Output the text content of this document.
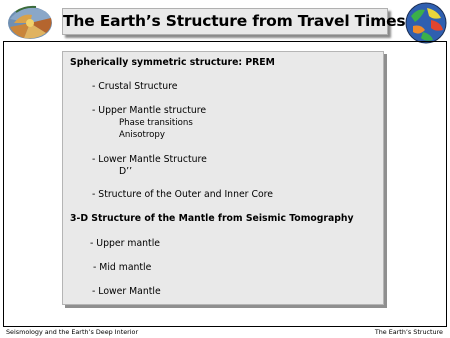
The Earth’s Structure from Travel Times
Spherically symmetric structure: PREM
- Crustal Structure
- Upper Mantle structure
Phase transitions
Anisotropy
- Lower Mantle Structure
D’’
- Structure of the Outer and Inner Core
3-D Structure of the Mantle from Seismic Tomography
- Upper mantle
- Mid mantle
- Lower Mantle
Seismology and the Earth’s Deep Interior	The Earth’s Structure
